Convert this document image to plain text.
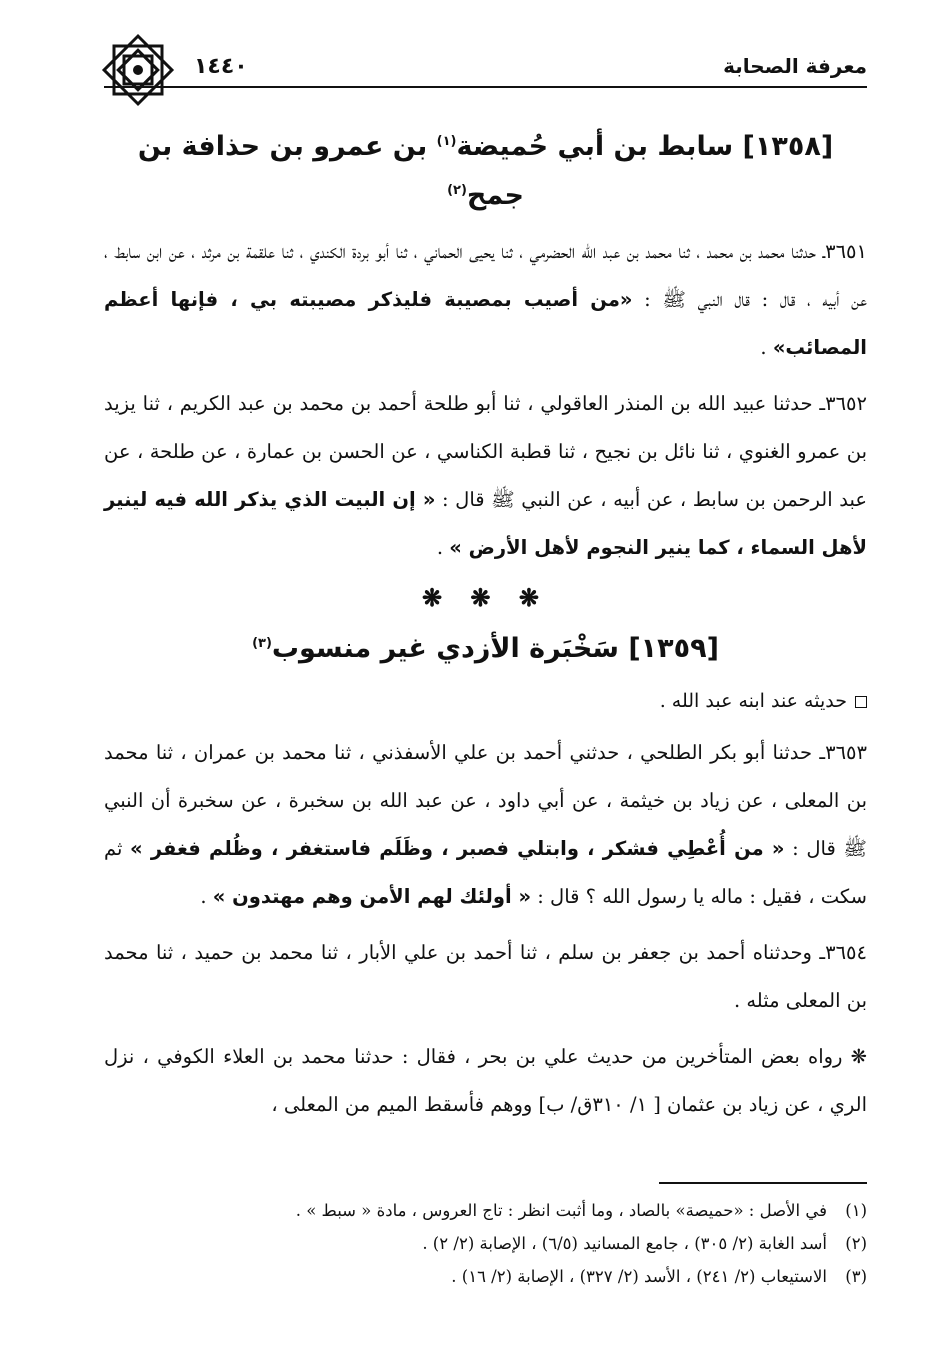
معرفة الصحابة
١٤٤٠
[١٣٥٨] سابط بن أبي حُميضة$^{(١)}$ بن عمرو بن حذافة بن جمح$^{(٢)}$

٣٦٥١ـ حدثنا محمد بن محمد ، ثنا محمد بن عبد الله الحضرمي ، ثنا يحيى الحماني ، ثنا أبو بردة الكندي ، ثنا علقمة بن مرثد ، عن ابن سابط ، عن أبيه ، قال : قال النبي ﷺ : «من أصيب بمصيبة فليذكر مصيبته بي ، فإنها أعظم المصائب» .

٣٦٥٢ـ حدثنا عبيد الله بن المنذر العاقولي ، ثنا أبو طلحة أحمد بن محمد بن عبد الكريم ، ثنا يزيد بن عمرو الغنوي ، ثنا نائل بن نجيح ، ثنا قطبة الكناسي ، عن الحسن بن عمارة ، عن طلحة ، عن عبد الرحمن بن سابط ، عن أبيه ، عن النبي ﷺ قال : « إن البيت الذي يذكر الله فيه لينير لأهل السماء ، كما ينير النجوم لأهل الأرض » .

❋ ❋ ❋
[١٣٥٩] سَخْبَرة الأزدي غير منسوب$^{(٣)}$
حديثه عند ابنه عبد الله .

٣٦٥٣ـ حدثنا أبو بكر الطلحي ، حدثني أحمد بن علي الأسفذني ، ثنا محمد بن عمران ، ثنا محمد بن المعلى ، عن زياد بن خيثمة ، عن أبي داود ، عن عبد الله بن سخبرة ، عن سخبرة أن النبي ﷺ قال : « من أُعْطِي فشكر ، وابتلي فصبر ، وظَلَم فاستغفر ، وظُلم فغفر » ثم سكت ، فقيل : ماله يا رسول الله ؟ قال : « أولئك لهم الأمن وهم مهتدون » .

٣٦٥٤ـ وحدثناه أحمد بن جعفر بن سلم ، ثنا أحمد بن علي الأبار ، ثنا محمد بن حميد ، ثنا محمد بن المعلى مثله .

❋ رواه بعض المتأخرين من حديث علي بن بحر ، فقال : حدثنا محمد بن العلاء الكوفي ، نزل الري ، عن زياد بن عثمان [ ١/ ٣١٠ق/ ب] ووهم فأسقط الميم من المعلى ،

(١)في الأصل : «حميصة» بالصاد ، وما أثبت انظر : تاج العروس ، مادة « سبط » .
(٢)أسد الغابة (٢/ ٣٠٥) ، جامع المسانيد (٦/٥) ، الإصابة (٢/ ٢) .
(٣)الاستيعاب (٢/ ٢٤١) ، الأسد (٢/ ٣٢٧) ، الإصابة (٢/ ١٦) .
